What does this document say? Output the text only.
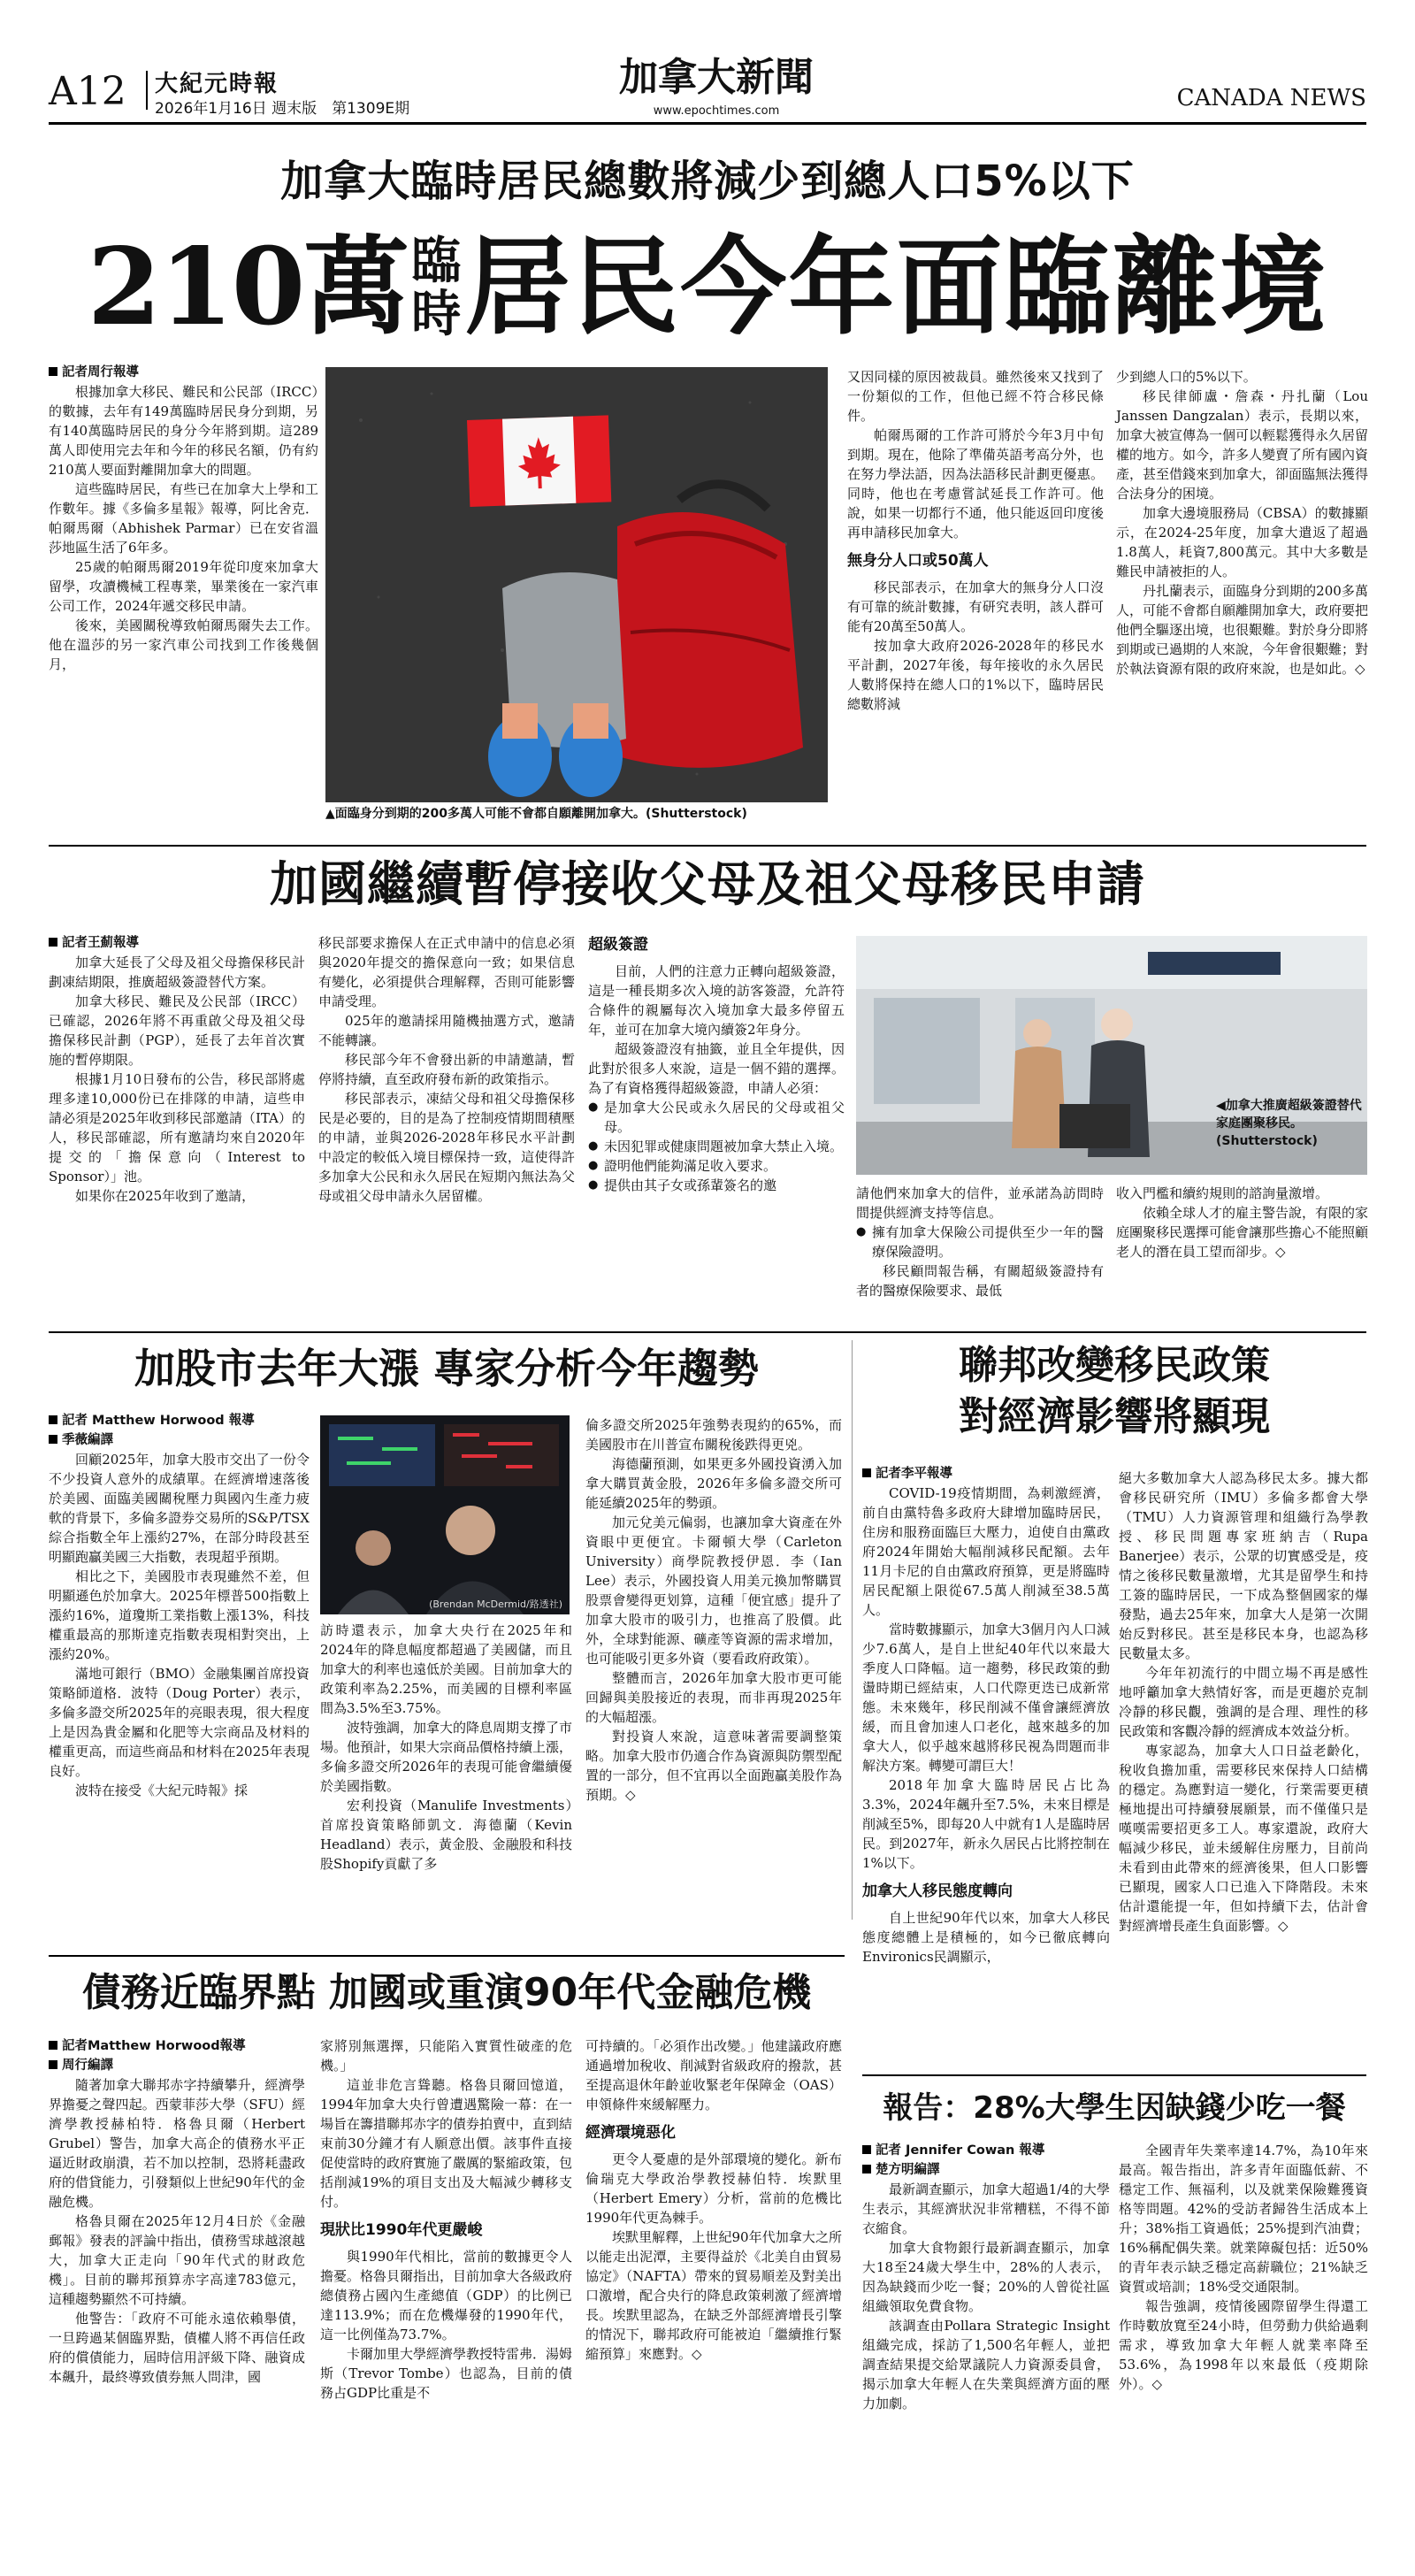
A12 大紀元時報
2026年1月16日 週末版　第1309E期
加拿大新聞
www.epochtimes.com	CANADA NEWS
加拿大臨時居民總數將減少到總人口5%以下
210萬 臨
時 居民今年面臨離境

記者周行報導

根據加拿大移民、難民和公民部（IRCC）的數據，去年有149萬臨時居民身分到期，另有140萬臨時居民的身分今年將到期。這289萬人即使用完去年和今年的移民名額，仍有約210萬人要面對離開加拿大的問題。

這些臨時居民，有些已在加拿大上學和工作數年。據《多倫多星報》報導，阿比舍克．帕爾馬爾（Abhishek Parmar）已在安省溫莎地區生活了6年多。

25歲的帕爾馬爾2019年從印度來加拿大留學，攻讀機械工程專業，畢業後在一家汽車公司工作，2024年遞交移民申請。

後來，美國關稅導致帕爾馬爾失去工作。他在溫莎的另一家汽車公司找到工作後幾個月，

▲面臨身分到期的200多萬人可能不會都自願離開加拿大。(Shutterstock)

又因同樣的原因被裁員。雖然後來又找到了一份類似的工作，但他已經不符合移民條件。

帕爾馬爾的工作許可將於今年3月中旬到期。現在，他除了準備英語考高分外，也在努力學法語，因為法語移民計劃更優惠。同時，他也在考慮嘗試延長工作許可。他說，如果一切都行不通，他只能返回印度後再申請移民加拿大。

無身分人口或50萬人

移民部表示，在加拿大的無身分人口沒有可靠的統計數據，有研究表明，該人群可能有20萬至50萬人。

按加拿大政府2026-2028年的移民水平計劃，2027年後，每年接收的永久居民人數將保持在總人口的1%以下，臨時居民總數將減

少到總人口的5%以下。

移民律師盧・詹森・丹扎蘭（Lou Janssen Dangzalan）表示，長期以來，加拿大被宣傳為一個可以輕鬆獲得永久居留權的地方。如今，許多人變賣了所有國內資產，甚至借錢來到加拿大，卻面臨無法獲得合法身分的困境。

加拿大邊境服務局（CBSA）的數據顯示，在2024-25年度，加拿大遣返了超過1.8萬人，耗資7,800萬元。其中大多數是難民申請被拒的人。

丹扎蘭表示，面臨身分到期的200多萬人，可能不會都自願離開加拿大，政府要把他們全驅逐出境，也很艱難。對於身分即將到期或已過期的人來說，今年會很艱難；對於執法資源有限的政府來說，也是如此。◇

加國繼續暫停接收父母及祖父母移民申請

記者王薊報導

加拿大延長了父母及祖父母擔保移民計劃凍結期限，推廣超級簽證替代方案。

加拿大移民、難民及公民部（IRCC）已確認，2026年將不再重啟父母及祖父母擔保移民計劃（PGP），延長了去年首次實施的暫停期限。

根據1月10日發布的公告，移民部將處理多達10,000份已在排隊的申請，這些申請必須是2025年收到移民部邀請（ITA）的人，移民部確認，所有邀請均來自2020年提交的「擔保意向（Interest to Sponsor）」池。

如果你在2025年收到了邀請，

移民部要求擔保人在正式申請中的信息必須與2020年提交的擔保意向一致；如果信息有變化，必須提供合理解釋，否則可能影響申請受理。

025年的邀請採用隨機抽選方式，邀請不能轉讓。

移民部今年不會發出新的申請邀請，暫停將持續，直至政府發布新的政策指示。

移民部表示，凍結父母和祖父母擔保移民是必要的，目的是為了控制疫情期間積壓的申請，並與2026-2028年移民水平計劃中設定的較低入境目標保持一致，這使得許多加拿大公民和永久居民在短期內無法為父母或祖父母申請永久居留權。

超級簽證

目前，人們的注意力正轉向超級簽證，這是一種長期多次入境的訪客簽證，允許符合條件的親屬每次入境加拿大最多停留五年，並可在加拿大境內續簽2年身分。

超級簽證沒有抽籤，並且全年提供，因此對於很多人來說，這是一個不錯的選擇。為了有資格獲得超級簽證，申請人必須：

● 是加拿大公民或永久居民的父母或祖父母。

● 未因犯罪或健康問題被加拿大禁止入境。

● 證明他們能夠滿足收入要求。

● 提供由其子女或孫輩簽名的邀

◀加拿大推廣超級簽證替代家庭團聚移民。(Shutterstock)

請他們來加拿大的信件，並承諾為訪問時間提供經濟支持等信息。

● 擁有加拿大保險公司提供至少一年的醫療保險證明。

移民顧問報告稱，有關超級簽證持有者的醫療保險要求、最低

收入門檻和續約規則的諮詢量激增。

依賴全球人才的雇主警告說，有限的家庭團聚移民選擇可能會讓那些擔心不能照顧老人的潛在員工望而卻步。◇

加股市去年大漲 專家分析今年趨勢

記者 Matthew Horwood 報導

季薇編譯

回顧2025年，加拿大股市交出了一份令不少投資人意外的成績單。在經濟增速落後於美國、面臨美國關稅壓力與國內生產力疲軟的背景下，多倫多證券交易所的S&P/TSX綜合指數全年上漲約27%，在部分時段甚至明顯跑贏美國三大指數，表現超乎預期。

相比之下，美國股市表現雖然不差，但明顯遜色於加拿大。2025年標普500指數上漲約16%，道瓊斯工業指數上漲13%，科技權重最高的那斯達克指數表現相對突出，上漲約20%。

滿地可銀行（BMO）金融集團首席投資策略師道格．波特（Doug Porter）表示，多倫多證交所2025年的亮眼表現，很大程度上是因為貴金屬和化肥等大宗商品及材料的權重更高，而這些商品和材料在2025年表現良好。

波特在接受《大紀元時報》採

(Brendan McDermid/路透社)

訪時還表示，加拿大央行在2025年和2024年的降息幅度都超過了美國儲，而且加拿大的利率也遠低於美國。目前加拿大的政策利率為2.25%，而美國的目標利率區間為3.5%至3.75%。

波特強調，加拿大的降息周期支撐了市場。他預計，如果大宗商品價格持續上漲，多倫多證交所2026年的表現可能會繼續優於美國指數。

宏利投資（Manulife Investments）首席投資策略師凱文．海德蘭（Kevin Headland）表示，黃金股、金融股和科技股Shopify貢獻了多

倫多證交所2025年強勢表現約的65%，而美國股市在川普宣布關稅後跌得更兇。

海德蘭預測，如果更多外國投資湧入加拿大購買黃金股，2026年多倫多證交所可能延續2025年的勢頭。

加元兌美元偏弱，也讓加拿大資產在外資眼中更便宜。卡爾頓大學（Carleton University）商學院教授伊恩．李（Ian Lee）表示，外國投資人用美元換加幣購買股票會變得更划算，這種「便宜感」提升了加拿大股市的吸引力，也推高了股價。此外，全球對能源、礦產等資源的需求增加，也可能吸引更多外資（要看政府政策）。

整體而言，2026年加拿大股市更可能回歸與美股接近的表現，而非再現2025年的大幅超漲。

對投資人來說，這意味著需要調整策略。加拿大股市仍適合作為資源與防禦型配置的一部分，但不宜再以全面跑贏美股作為預期。◇

聯邦改變移民政策
對經濟影響將顯現

記者李平報導

COVID-19疫情期間，為刺激經濟，前自由黨特魯多政府大肆增加臨時居民，住房和服務面臨巨大壓力，迫使自由黨政府2024年開始大幅削減移民配額。去年11月卡尼的自由黨政府預算，更是將臨時居民配額上限從67.5萬人削減至38.5萬人。

當時數據顯示，加拿大3個月內人口減少7.6萬人，是自上世紀40年代以來最大季度人口降幅。這一趨勢，移民政策的動盪時期已經結束，人口代際更迭已成新常態。未來幾年，移民削減不僅會讓經濟放緩，而且會加速人口老化，越來越多的加拿大人，似乎越來越將移民視為問題而非解決方案。轉變可謂巨大！

2018年加拿大臨時居民占比為3.3%，2024年飆升至7.5%，未來目標是削減至5%，即每20人中就有1人是臨時居民。到2027年，新永久居民占比將控制在1%以下。

加拿大人移民態度轉向

自上世紀90年代以來，加拿大人移民態度總體上是積極的，如今已徹底轉向Environics民調顯示，

絕大多數加拿大人認為移民太多。據大都會移民研究所（IMU）多倫多都會大學（TMU）人力資源管理和組織行為學教授、移民問題專家班納吉（Rupa Banerjee）表示，公眾的切實感受是，疫情之後移民數量激增，尤其是留學生和持工簽的臨時居民，一下成為整個國家的爆發點，過去25年來，加拿大人是第一次開始反對移民。甚至是移民本身，也認為移民數量太多。

今年年初流行的中間立場不再是感性地呼籲加拿大熱情好客，而是更趨於克制冷靜的移民觀，強調的是合理、理性的移民政策和客觀冷靜的經濟成本效益分析。

專家認為，加拿大人口日益老齡化，稅收負擔加重，需要移民來保持人口結構的穩定。為應對這一變化，行業需要更積極地提出可持續發展願景，而不僅僅只是嘆嘆需要招更多工人。專家還說，政府大幅減少移民，並未緩解住房壓力，目前尚未看到由此帶來的經濟後果，但人口影響已顯現，國家人口已進入下降階段。未來估計還能提一年，但如持續下去，估計會對經濟增長產生負面影響。◇

債務近臨界點 加國或重演90年代金融危機

記者Matthew Horwood報導

周行編譯

隨著加拿大聯邦赤字持續攀升，經濟學界擔憂之聲四起。西蒙菲莎大學（SFU）經濟學教授赫柏特．格魯貝爾（Herbert Grubel）警告，加拿大高企的債務水平正逼近財政崩潰，若不加以控制，恐將耗盡政府的借貸能力，引發類似上世紀90年代的金融危機。

格魯貝爾在2025年12月4日於《金融郵報》發表的評論中指出，債務雪球越滾越大，加拿大正走向「90年代式的財政危機」。目前的聯邦預算赤字高達783億元，這種趨勢顯然不可持續。

他警告：「政府不可能永遠依賴舉債，一旦跨過某個臨界點，債權人將不再信任政府的償債能力，屆時信用評級下降、融資成本飆升，最終導致債券無人問津，國

家將別無選擇，只能陷入實質性破產的危機。」

這並非危言聳聽。格魯貝爾回憶道，1994年加拿大央行曾遭遇驚險一幕：在一場旨在籌措聯邦赤字的債券拍賣中，直到結束前30分鐘才有人願意出價。該事件直接促使當時的政府實施了嚴厲的緊縮政策，包括削減19%的項目支出及大幅減少轉移支付。

現狀比1990年代更嚴峻

與1990年代相比，當前的數據更令人擔憂。格魯貝爾指出，目前加拿大各級政府總債務占國內生產總值（GDP）的比例已達113.9%；而在危機爆發的1990年代，這一比例僅為73.7%。

卡爾加里大學經濟學教授特雷弗．湯姆斯（Trevor Tombe）也認為，目前的債務占GDP比重是不

可持續的。「必須作出改變。」他建議政府應通過增加稅收、削減對省級政府的撥款，甚至提高退休年齡並收緊老年保障金（OAS）申領條件來緩解壓力。

經濟環境惡化

更令人憂慮的是外部環境的變化。新布倫瑞克大學政治學教授赫伯特．埃默里（Herbert Emery）分析，當前的危機比1990年代更為棘手。

埃默里解釋，上世紀90年代加拿大之所以能走出泥潭，主要得益於《北美自由貿易協定》（NAFTA）帶來的貿易順差及對美出口激增，配合央行的降息政策刺激了經濟增長。埃默里認為，在缺乏外部經濟增長引擎的情況下，聯邦政府可能被迫「繼續推行緊縮預算」來應對。◇

報告：28%大學生因缺錢少吃一餐

記者 Jennifer Cowan 報導

楚方明編譯

最新調查顯示，加拿大超過1/4的大學生表示，其經濟狀況非常糟糕，不得不節衣縮食。

加拿大食物銀行最新調查顯示，加拿大18至24歲大學生中，28%的人表示，因為缺錢而少吃一餐；20%的人曾從社區組織領取免費食物。

該調查由Pollara Strategic Insight組織完成，採訪了1,500名年輕人，並把調查結果提交給眾議院人力資源委員會，揭示加拿大年輕人在失業與經濟方面的壓力加劇。

全國青年失業率達14.7%，為10年來最高。報告指出，許多青年面臨低薪、不穩定工作、無福利，以及就業保險難獲資格等問題。42%的受訪者歸咎生活成本上升；38%指工資過低；25%提到汽油費；16%稱配偶失業。就業障礙包括：近50%的青年表示缺乏穩定高薪職位；21%缺乏資質或培訓；18%受交通限制。

報告強調，疫情後國際留學生得還工作時數放寬至24小時，但勞動力供給過剩需求，導致加拿大年輕人就業率降至53.6%，為1998年以來最低（疫期除外）。◇
